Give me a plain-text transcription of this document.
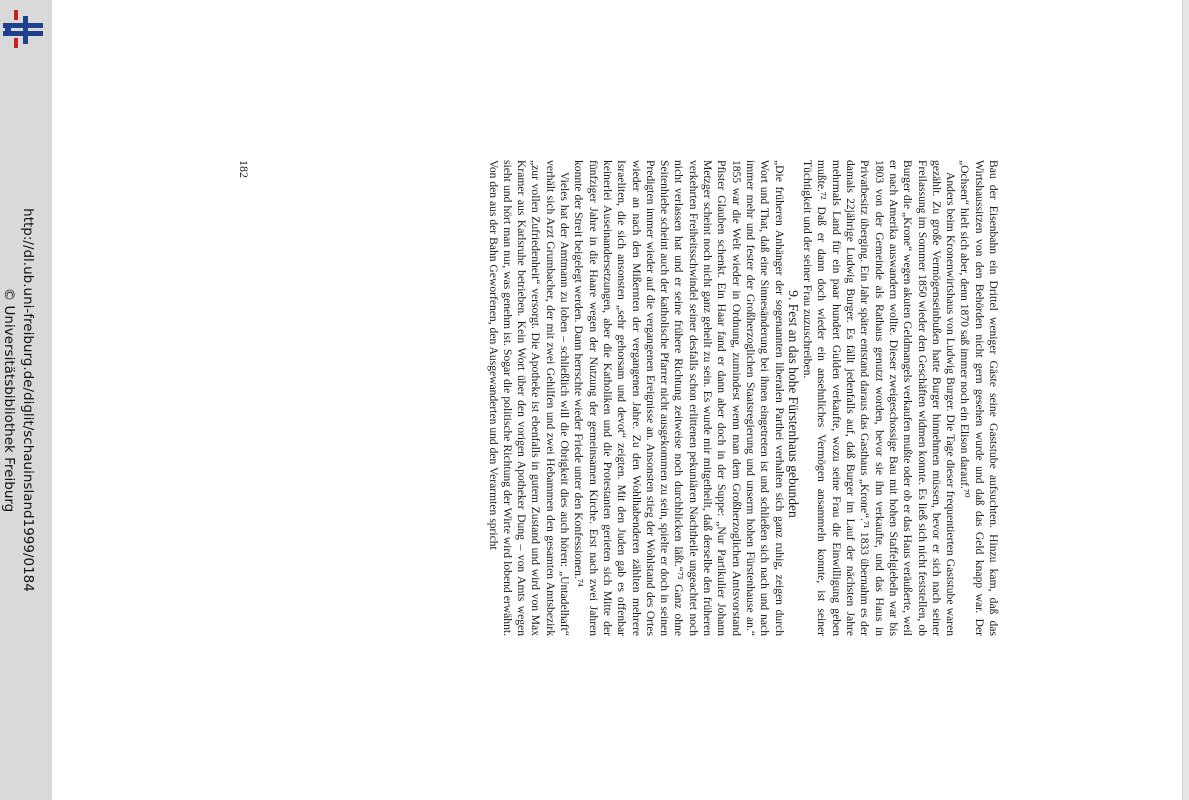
http://dl.ub.uni-freiburg.de/diglit/schauinsland1999/0184
© Universitätsbibliothek Freiburg	Bau der Eisenbahn ein Drittel weniger Gäste seine Gaststube aufsuchten. Hinzu kam, daß das Wirtshaussitzen von den Behörden nicht gern gesehen wurde und daß das Geld knapp war. Der „Ochsen“ hielt sich aber, denn 1870 saß immer noch ein Elison darauf.⁷⁰

Anders beim Kronenwirtshaus von Ludwig Burger. Die Tage dieser frequentierten Gaststube waren gezählt. Zu große Vermögenseinbußen hatte Burger hinnehmen müssen, bevor er sich nach seiner Freilassung im Sommer 1850 wieder den Geschäften widmen konnte. Es ließ sich nicht feststellen, ob Burger die „Krone“ wegen akuten Geldmangels verkaufen mußte oder ob er das Haus veräußerte, weil er nach Amerika auswandern wollte. Dieser zweigeschossige Bau mit hohen Staffelgiebeln war bis 1803 von der Gemeinde als Rathaus genutzt worden, bevor sie ihn verkaufte, und das Haus in Privatbesitz überging. Ein Jahr später entstand daraus das Gasthaus „Krone“.⁷¹ 1833 übernahm es der damals 22jährige Ludwig Burger. Es fällt jedenfalls auf, daß Burger im Lauf der nächsten Jahre mehrmals Land für ein paar hundert Gulden verkaufte, wozu seine Frau die Einwilligung geben mußte.⁷² Daß er dann doch wieder ein ansehnliches Vermögen ansammeln konnte, ist seiner Tüchtigkeit und der seiner Frau zuzuschreiben.

9. Fest an das hohe Fürstenhaus gebunden

„Die früheren Anhänger der sogenannten liberalen Parthei verhalten sich ganz ruhig, zeigen durch Wort und That, daß eine Sinnesänderung bei ihnen eingetreten ist und schließen sich nach und nach immer mehr und fester der Großherzoglichen Staatsregierung und unserm hohen Fürstenhause an.“ 1855 war die Welt wieder in Ordnung, zumindest wenn man dem Großherzoglichen Amtsvorstand Pfister Glauben schenkt. Ein Haar fand er dann aber doch in der Suppe: „Nur Partikulier Johann Metzger scheint noch nicht ganz geheilt zu sein. Es wurde mir mitgetheilt, daß derselbe den früheren verkehrten Freiheitsschwindel seiner desfalls schon erlittenen pekuniären Nachtheile ungeachtet noch nicht verlassen hat und er seine frühere Richtung zeitweise noch durchblicken läßt.“⁷³ Ganz ohne Seitenhiebe scheint auch der katholische Pfarrer nicht ausgekommen zu sein, spielte er doch in seinen Predigten immer wieder auf die vergangenen Ereignisse an. Ansonsten stieg der Wohlstand des Ortes wieder an nach den Mißernten der vergangenen Jahre. Zu den Wohlhabenderen zählten mehrere Israeliten, die sich ansonsten „sehr gehorsam und devot“ zeigten. Mit den Juden gab es offenbar keinerlei Auseinandersetzungen, aber die Katholiken und die Protestanten gerieten sich Mitte der fünfziger Jahre in die Haare wegen der Nutzung der gemeinsamen Kirche. Erst nach zwei Jahren konnte der Streit beigelegt werden. Dann herrschte wieder Friede unter den Konfessionen.⁷⁴

Vieles hat der Amtmann zu loben – schließlich will die Obrigkeit dies auch hören: „Untadelhaft“ verhält sich Arzt Grumbacher, der mit zwei Gehilfen und zwei Hebammen den gesamten Amtsbezirk „zur vollen Zufriedenheit“ versorgt. Die Apotheke ist ebenfalls in gutem Zustand und wird von Max Kramer aus Karlsruhe betrieben. Kein Wort über den vorigen Apotheker Dung – von Amts wegen sieht und hört man nur, was genehm ist. Sogar die politische Richtung der Wirte wird lobend erwähnt. Von den aus der Bahn Geworfenen, den Ausgewanderten und den Verarmten spricht

182
